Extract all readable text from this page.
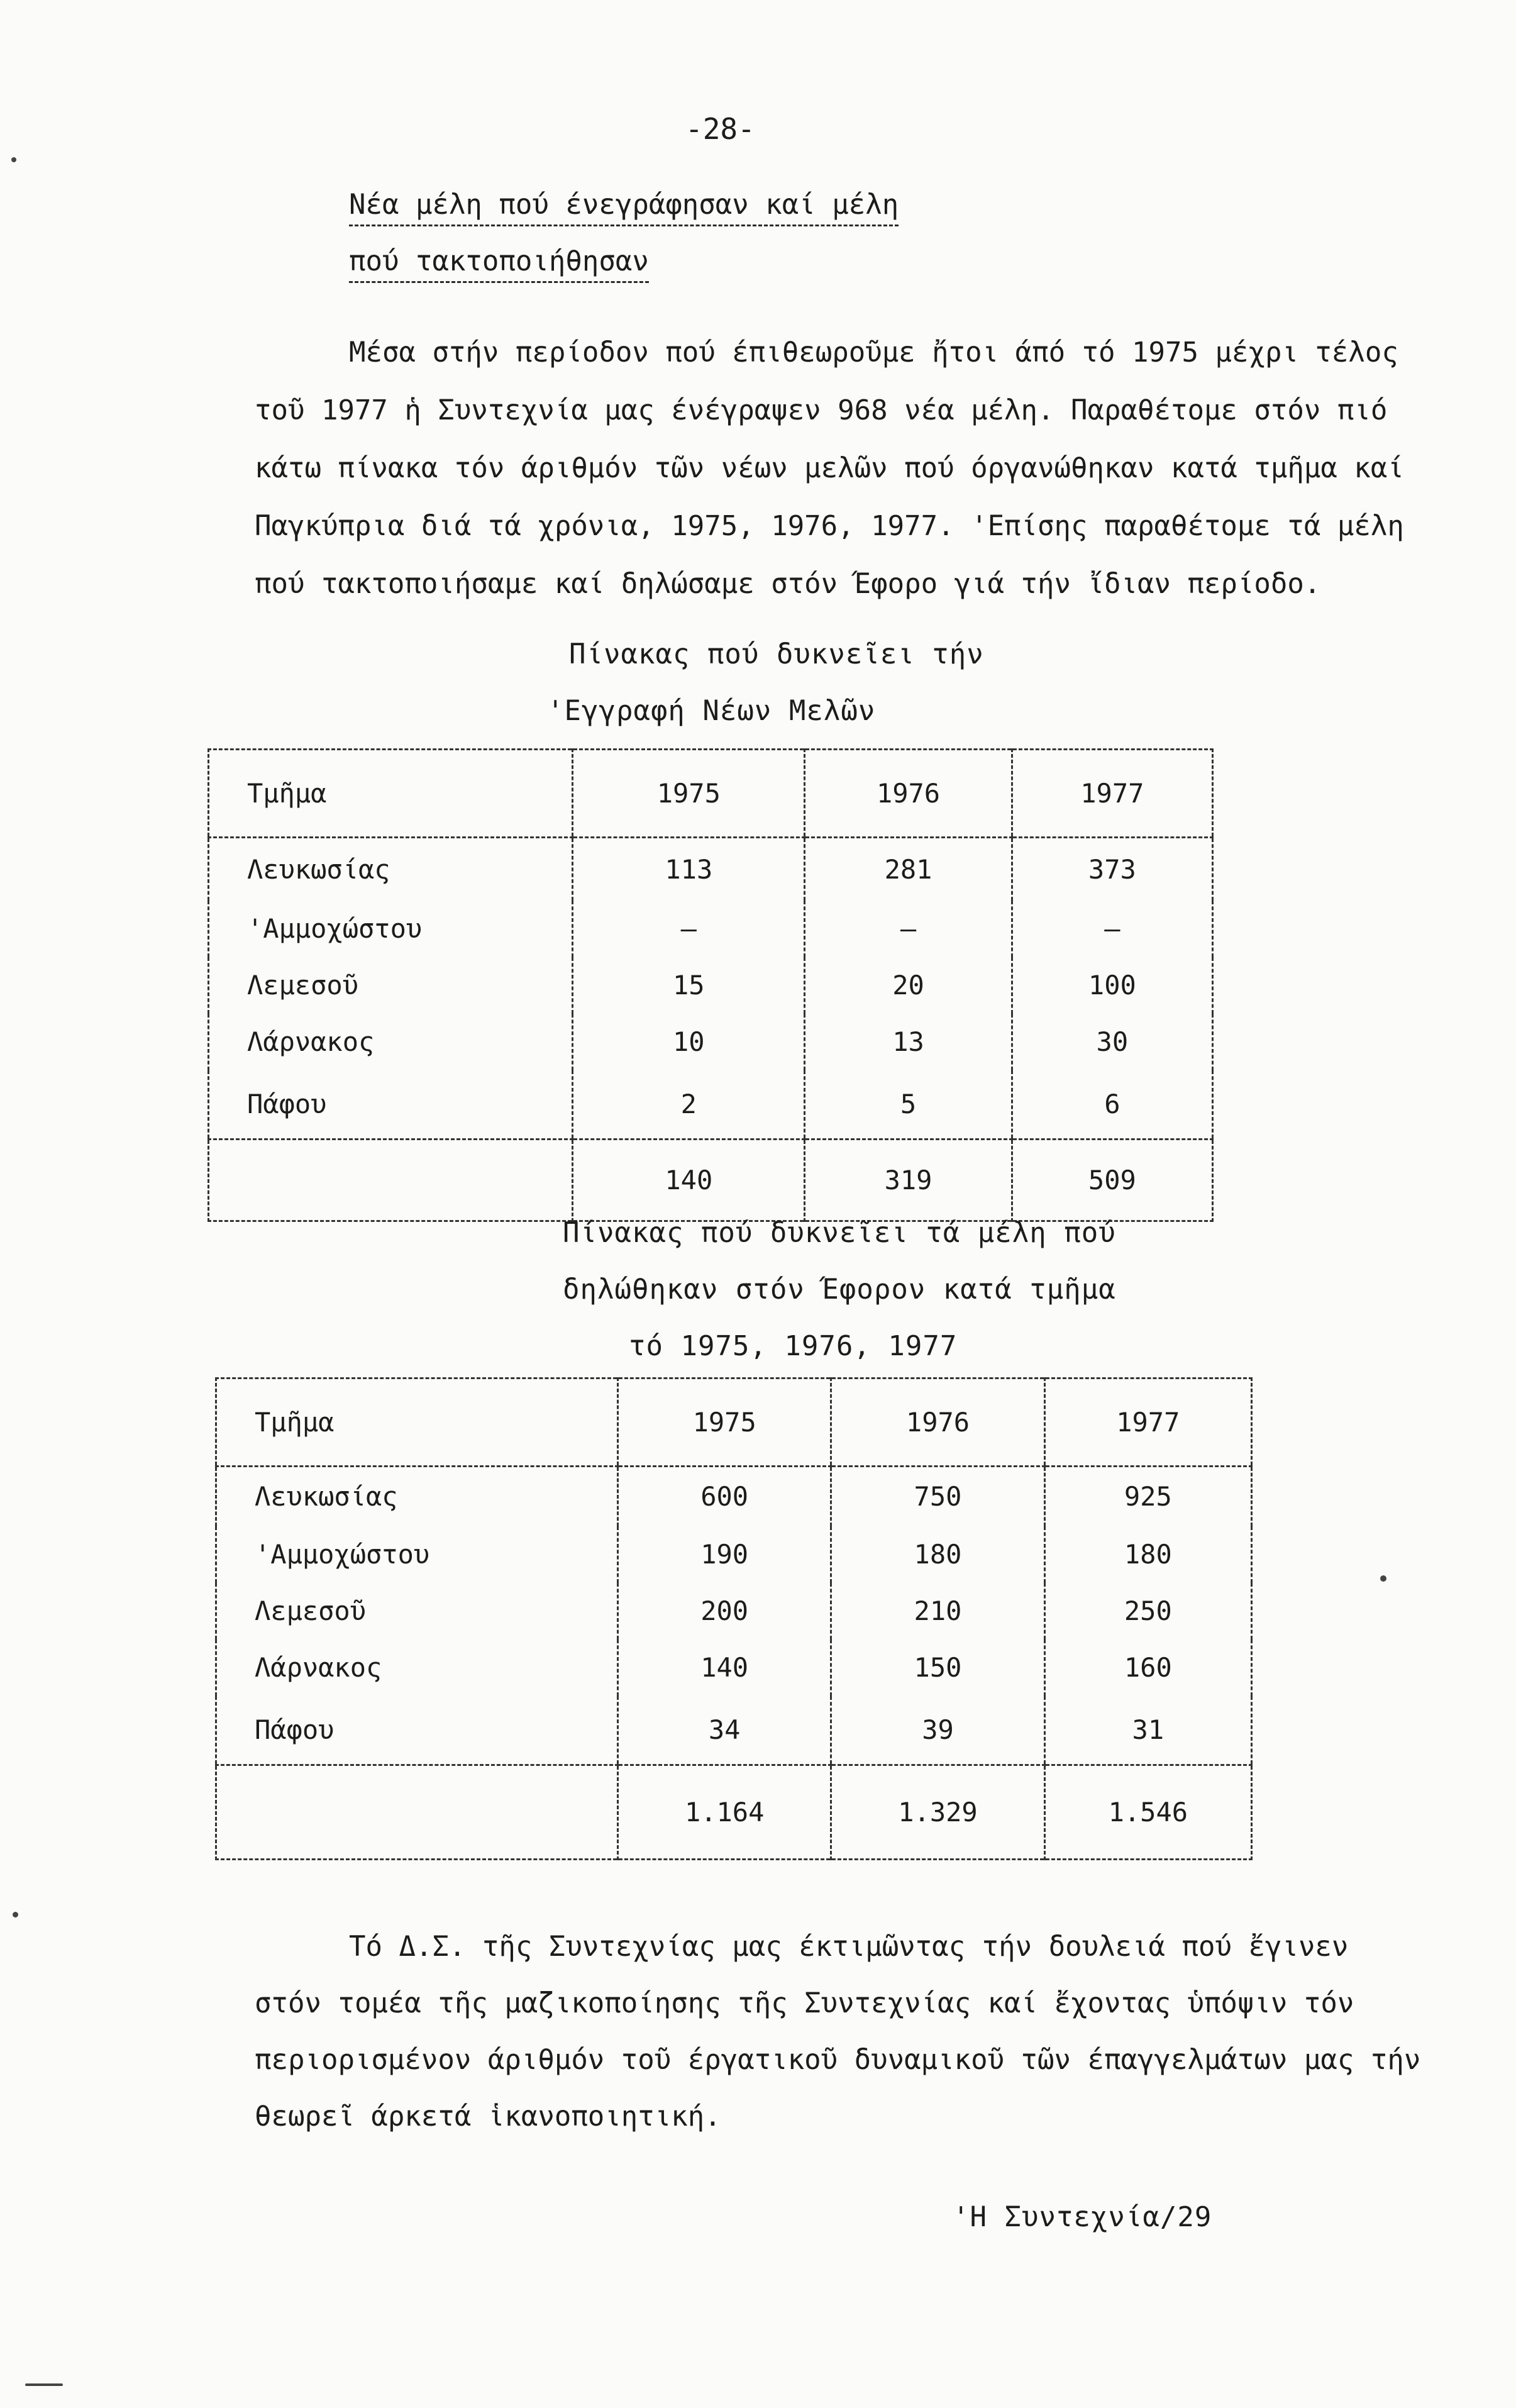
-28-
Νέα μέλη πού ένεγράφησαν καί μέλη
πού τακτοποιήθησαν
Μέσα στήν περίοδον πού έπιθεωροῦμε ἤτοι άπό τό 1975 μέχρι τέλος
τοῦ 1977 ἡ Συντεχνία μας ένέγραψεν 968 νέα μέλη. Παραθέτομε στόν πιό
κάτω πίνακα τόν άριθμόν τῶν νέων μελῶν πού όργανώθηκαν κατά τμῆμα καί
Παγκύπρια διά τά χρόνια, 1975, 1976, 1977. 'Επίσης παραθέτομε τά μέλη
πού τακτοποιήσαμε καί δηλώσαμε στόν Έφορο γιά τήν ἴδιαν περίοδο.
Πίνακας πού δυκνεῖει τήν
'Εγγραφή Νέων Μελῶν
Τμῆμα	1975	1976	1977
Λευκωσίας	113	281	373
'Αμμοχώστου	—	—	—
Λεμεσοῦ	15	20	100
Λάρνακος	10	13	30
Πάφου	2	5	6
	140	319	509
Πίνακας πού δυκνεῖει τά μέλη πού
δηλώθηκαν στόν Έφορον κατά τμῆμα
τό 1975, 1976, 1977
Τμῆμα	1975	1976	1977
Λευκωσίας	600	750	925
'Αμμοχώστου	190	180	180
Λεμεσοῦ	200	210	250
Λάρνακος	140	150	160
Πάφου	34	39	31
	1.164	1.329	1.546
Τό Δ.Σ. τῆς Συντεχνίας μας έκτιμῶντας τήν δουλειά πού ἔγινεν
στόν τομέα τῆς μαζικοποίησης τῆς Συντεχνίας καί ἔχοντας ὑπόψιν τόν
περιορισμένον άριθμόν τοῦ έργατικοῦ δυναμικοῦ τῶν έπαγγελμάτων μας τήν
θεωρεῖ άρκετά ἱκανοποιητική.
'Η Συντεχνία/29
